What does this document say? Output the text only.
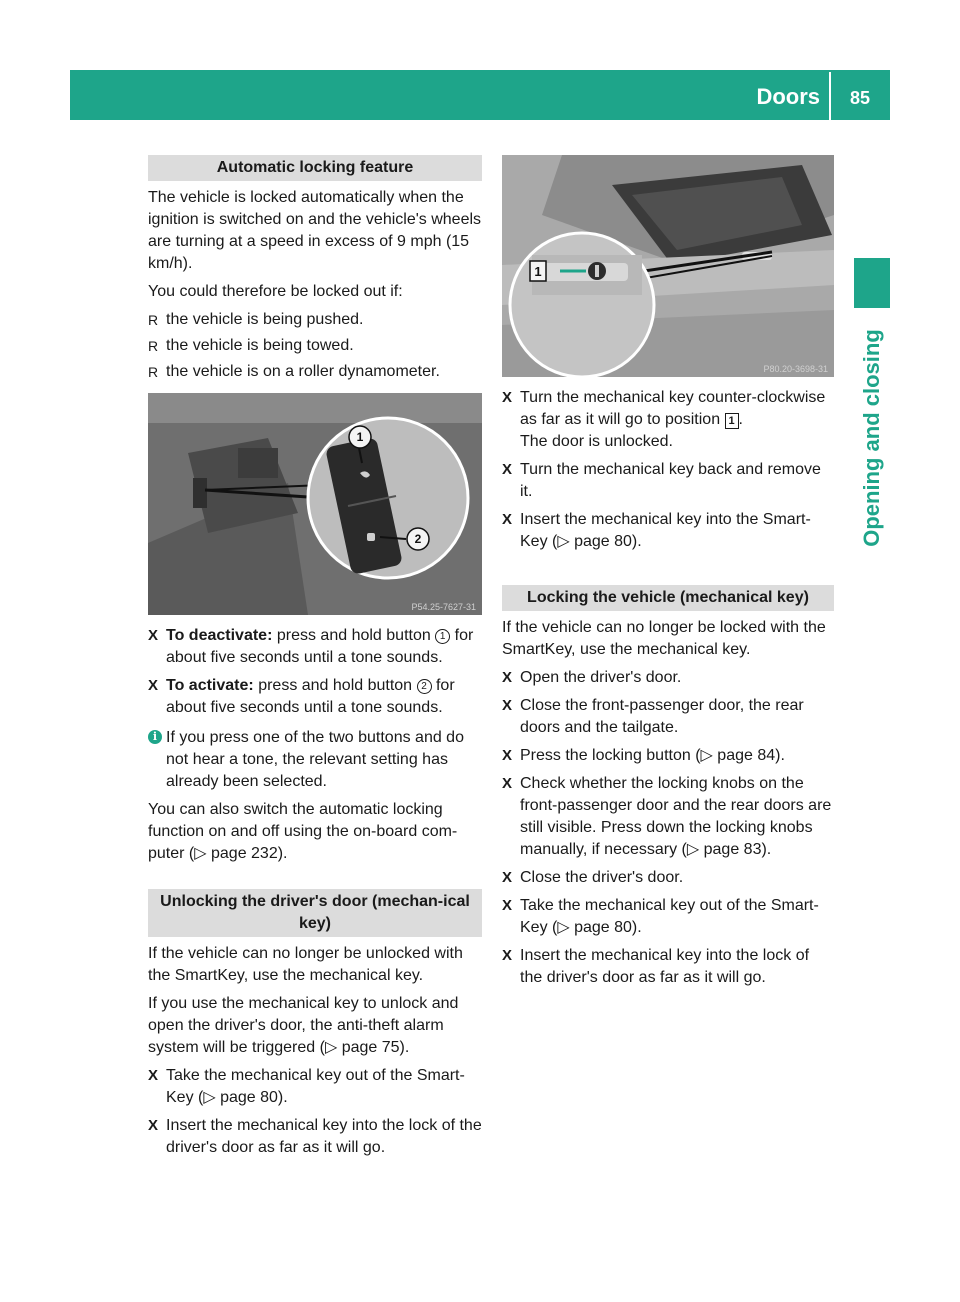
Doors	85
Opening and closing
Automatic locking feature

The vehicle is locked automatically when the ignition is switched on and the vehicle's wheels are turning at a speed in excess of 9 mph (15 km/h).

You could therefore be locked out if:

R the vehicle is being pushed.
R the vehicle is being towed.
R the vehicle is on a roller dynamometer.
1
2
P54.25-7627-31
X To deactivate: press and hold button 1 for about five seconds until a tone sounds.
X To activate: press and hold button 2 for about five seconds until a tone sounds.
i If you press one of the two buttons and do not hear a tone, the relevant setting has already been selected.

You can also switch the automatic locking function on and off using the on-board com-puter (▷ page 232).

Unlocking the driver's door (mechan-ical key)

If the vehicle can no longer be unlocked with the SmartKey, use the mechanical key.

If you use the mechanical key to unlock and open the driver's door, the anti-theft alarm system will be triggered (▷ page 75).

X Take the mechanical key out of the Smart-Key (▷ page 80).
X Insert the mechanical key into the lock of the driver's door as far as it will go.
1
P80.20-3698-31
X Turn the mechanical key counter-clockwise as far as it will go to position 1 .
The door is unlocked.
X Turn the mechanical key back and remove it.
X Insert the mechanical key into the Smart-Key (▷ page 80).
Locking the vehicle (mechanical key)

If the vehicle can no longer be locked with the SmartKey, use the mechanical key.

X Open the driver's door.
X Close the front-passenger door, the rear doors and the tailgate.
X Press the locking button (▷ page 84).
X Check whether the locking knobs on the front-passenger door and the rear doors are still visible. Press down the locking knobs manually, if necessary (▷ page 83).
X Close the driver's door.
X Take the mechanical key out of the Smart-Key (▷ page 80).
X Insert the mechanical key into the lock of the driver's door as far as it will go.
